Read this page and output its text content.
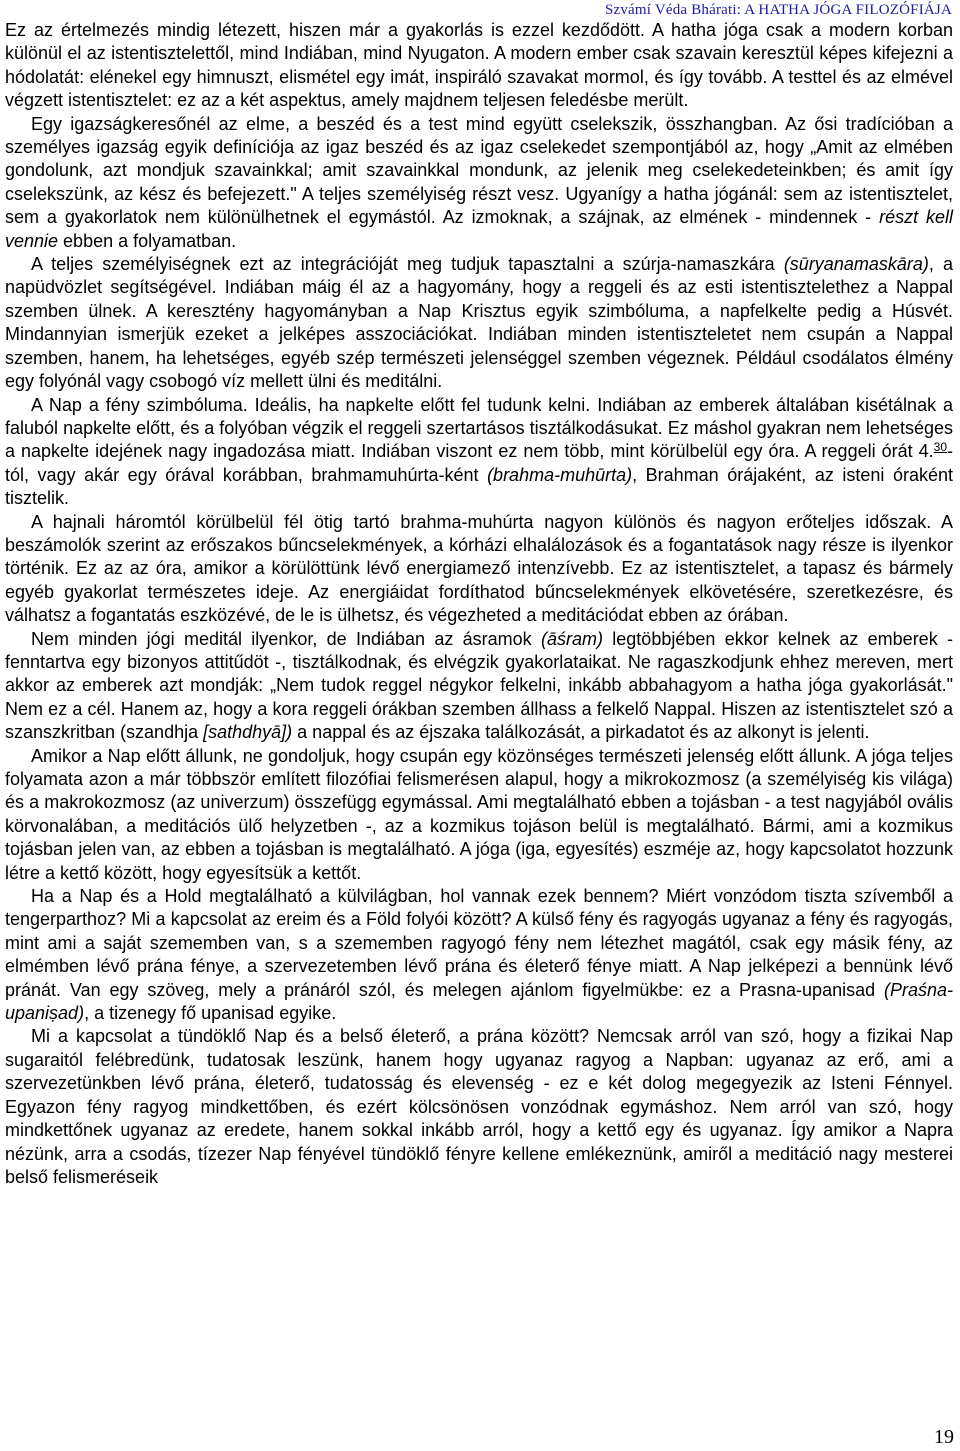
Szvámí Véda Bhárati: A HATHA JÓGA FILOZÓFIÁJA

Ez az értelmezés mindig létezett, hiszen már a gyakorlás is ezzel kezdődött. A hatha jóga csak a modern korban különül el az istentisztelettől, mind Indiában, mind Nyugaton. A modern ember csak szavain keresztül képes kifejezni a hódolatát: elénekel egy himnuszt, elismétel egy imát, inspiráló szavakat mormol, és így tovább. A testtel és az elmével végzett istentisztelet: ez az a két aspektus, amely majdnem teljesen feledésbe merült.

Egy igazságkeresőnél az elme, a beszéd és a test mind együtt cselekszik, összhangban. Az ősi tradícióban a személyes igazság egyik definíciója az igaz beszéd és az igaz cselekedet szempontjából az, hogy „Amit az elmében gondolunk, azt mondjuk szavainkkal; amit szavainkkal mondunk, az jelenik meg cselekedeteinkben; és amit így cselekszünk, az kész és befejezett." A teljes személyiség részt vesz. Ugyanígy a hatha jógánál: sem az istentisztelet, sem a gyakorlatok nem különülhetnek el egymástól. Az izmoknak, a szájnak, az elmének - mindennek - részt kell vennie ebben a folyamatban.

A teljes személyiségnek ezt az integrációját meg tudjuk tapasztalni a szúrja-namaszkára (sūryanamaskāra), a napüdvözlet segítségével. Indiában máig él az a hagyomány, hogy a reggeli és az esti istentisztelethez a Nappal szemben ülnek. A keresztény hagyományban a Nap Krisztus egyik szimbóluma, a napfelkelte pedig a Húsvét. Mindannyian ismerjük ezeket a jelképes asszociációkat. Indiában minden istentiszteletet nem csupán a Nappal szemben, hanem, ha lehetséges, egyéb szép természeti jelenséggel szemben végeznek. Például csodálatos élmény egy folyónál vagy csobogó víz mellett ülni és meditálni.

A Nap a fény szimbóluma. Ideális, ha napkelte előtt fel tudunk kelni. Indiában az emberek általában kisétálnak a faluból napkelte előtt, és a folyóban végzik el reggeli szertartásos tisztálkodásukat. Ez máshol gyakran nem lehetséges a napkelte idejének nagy ingadozása miatt. Indiában viszont ez nem több, mint körülbelül egy óra. A reggeli órát 4.30-tól, vagy akár egy órával korábban, brahmamuhúrta-ként (brahma-muhūrta), Brahman órájaként, az isteni óraként tisztelik.

A hajnali háromtól körülbelül fél ötig tartó brahma-muhúrta nagyon különös és nagyon erőteljes időszak. A beszámolók szerint az erőszakos bűncselekmények, a kórházi elhalálozások és a fogantatások nagy része is ilyenkor történik. Ez az az óra, amikor a körülöttünk lévő energiamező intenzívebb. Ez az istentisztelet, a tapasz és bármely egyéb gyakorlat természetes ideje. Az energiáidat fordíthatod bűncselekmények elkövetésére, szeretkezésre, és válhatsz a fogantatás eszközévé, de le is ülhetsz, és végezheted a meditációdat ebben az órában.

Nem minden jógi meditál ilyenkor, de Indiában az ásramok (āśram) legtöbbjében ekkor kelnek az emberek - fenntartva egy bizonyos attitűdöt -, tisztálkodnak, és elvégzik gyakorlataikat. Ne ragaszkodjunk ehhez mereven, mert akkor az emberek azt mondják: „Nem tudok reggel négykor felkelni, inkább abbahagyom a hatha jóga gyakorlását." Nem ez a cél. Hanem az, hogy a kora reggeli órákban szemben állhass a felkelő Nappal. Hiszen az istentisztelet szó a szanszkritban (szandhja [sathdhyā]) a nappal és az éjszaka találkozását, a pirkadatot és az alkonyt is jelenti.

Amikor a Nap előtt állunk, ne gondoljuk, hogy csupán egy közönséges természeti jelenség előtt állunk. A jóga teljes folyamata azon a már többször említett filozófiai felismerésen alapul, hogy a mikrokozmosz (a személyiség kis világa) és a makrokozmosz (az univerzum) összefügg egymással. Ami megtalálható ebben a tojásban - a test nagyjából ovális körvonalában, a meditációs ülő helyzetben -, az a kozmikus tojáson belül is megtalálható. Bármi, ami a kozmikus tojásban jelen van, az ebben a tojásban is megtalálható. A jóga (iga, egyesítés) eszméje az, hogy kapcsolatot hozzunk létre a kettő között, hogy egyesítsük a kettőt.

Ha a Nap és a Hold megtalálható a külvilágban, hol vannak ezek bennem? Miért vonzódom tiszta szívemből a tengerparthoz? Mi a kapcsolat az ereim és a Föld folyói között? A külső fény és ragyogás ugyanaz a fény és ragyogás, mint ami a saját szememben van, s a szememben ragyogó fény nem létezhet magától, csak egy másik fény, az elmémben lévő prána fénye, a szervezetemben lévő prána és életerő fénye miatt. A Nap jelképezi a bennünk lévő pránát. Van egy szöveg, mely a pránáról szól, és melegen ajánlom figyelmükbe: ez a Prasna-upanisad (Praśna-upaniṣad), a tizenegy fő upanisad egyike.

Mi a kapcsolat a tündöklő Nap és a belső életerő, a prána között? Nemcsak arról van szó, hogy a fizikai Nap sugaraitól felébredünk, tudatosak leszünk, hanem hogy ugyanaz ragyog a Napban: ugyanaz az erő, ami a szervezetünkben lévő prána, életerő, tudatosság és elevenség - ez e két dolog megegyezik az Isteni Fénnyel. Egyazon fény ragyog mindkettőben, és ezért kölcsönösen vonzódnak egymáshoz. Nem arról van szó, hogy mindkettőnek ugyanaz az eredete, hanem sokkal inkább arról, hogy a kettő egy és ugyanaz. Így amikor a Napra nézünk, arra a csodás, tízezer Nap fényével tündöklő fényre kellene emlékeznünk, amiről a meditáció nagy mesterei belső felismeréseik

19
